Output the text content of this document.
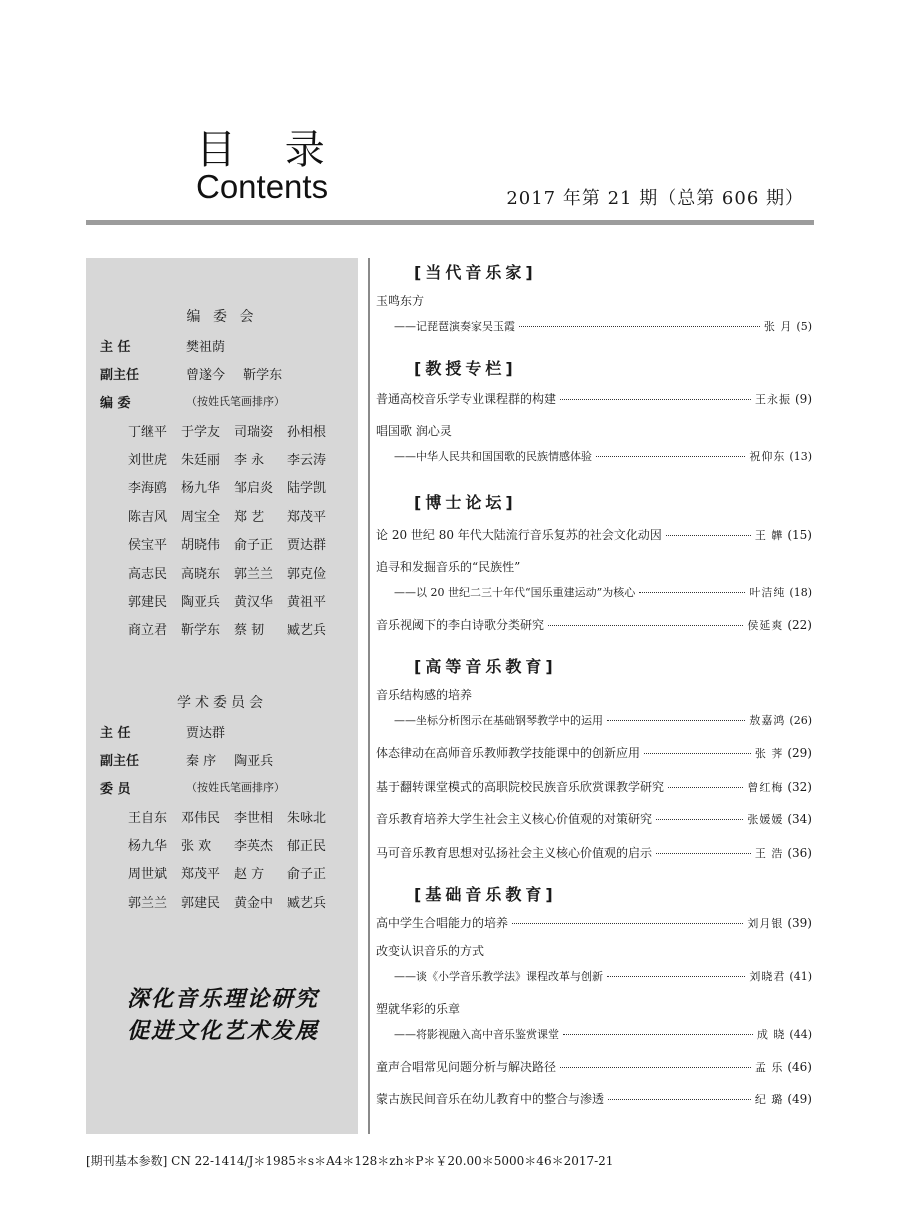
目 录
Contents	2017 年第 21 期（总第 606 期）
编 委 会
主 任	樊祖荫
副主任	曾遂今 靳学东
编 委	（按姓氏笔画排序）
丁继平	于学友	司瑞姿	孙相根
刘世虎	朱廷丽	李 永	李云涛
李海鸥	杨九华	邹启炎	陆学凯
陈吉风	周宝全	郑 艺	郑茂平
侯宝平	胡晓伟	俞子正	贾达群
高志民	高晓东	郭兰兰	郭克俭
郭建民	陶亚兵	黄汉华	黄祖平
商立君	靳学东	蔡 韧	臧艺兵
学术委员会
主 任	贾达群
副主任	秦 序 陶亚兵
委 员	（按姓氏笔画排序）
王自东	邓伟民	李世相	朱咏北
杨九华	张 欢	李英杰	郁正民
周世斌	郑茂平	赵 方	俞子正
郭兰兰	郭建民	黄金中	臧艺兵
深化音乐理论研究
促进文化艺术发展
[当代音乐家]
玉鸣东方
——记琵琶演奏家吴玉霞	张 月 (5)
[教授专栏]
普通高校音乐学专业课程群的构建	王永振 (9)
唱国歌 润心灵
——中华人民共和国国歌的民族情感体验	祝仰东 (13)
[博士论坛]
论 20 世纪 80 年代大陆流行音乐复苏的社会文化动因	王 韡 (15)
追寻和发掘音乐的“民族性”
——以 20 世纪二三十年代“国乐重建运动”为核心	叶洁纯 (18)
音乐视阈下的李白诗歌分类研究	侯延爽 (22)
[高等音乐教育]
音乐结构感的培养
——坐标分析图示在基础钢琴教学中的运用	敖嘉鸿 (26)
体态律动在高师音乐教师教学技能课中的创新应用	张 荠 (29)
基于翻转课堂模式的高职院校民族音乐欣赏课教学研究	曾红梅 (32)
音乐教育培养大学生社会主义核心价值观的对策研究	张媛媛 (34)
马可音乐教育思想对弘扬社会主义核心价值观的启示	王 浩 (36)
[基础音乐教育]
高中学生合唱能力的培养	刘月银 (39)
改变认识音乐的方式
——谈《小学音乐教学法》课程改革与创新	刘晓君 (41)
塑就华彩的乐章
——将影视融入高中音乐鉴赏课堂	成 晓 (44)
童声合唱常见问题分析与解决路径	孟 乐 (46)
蒙古族民间音乐在幼儿教育中的整合与渗透	纪 璐 (49)
[期刊基本参数] CN 22-1414/J＊1985＊s＊A4＊128＊zh＊P＊￥20.00＊5000＊46＊2017-21
